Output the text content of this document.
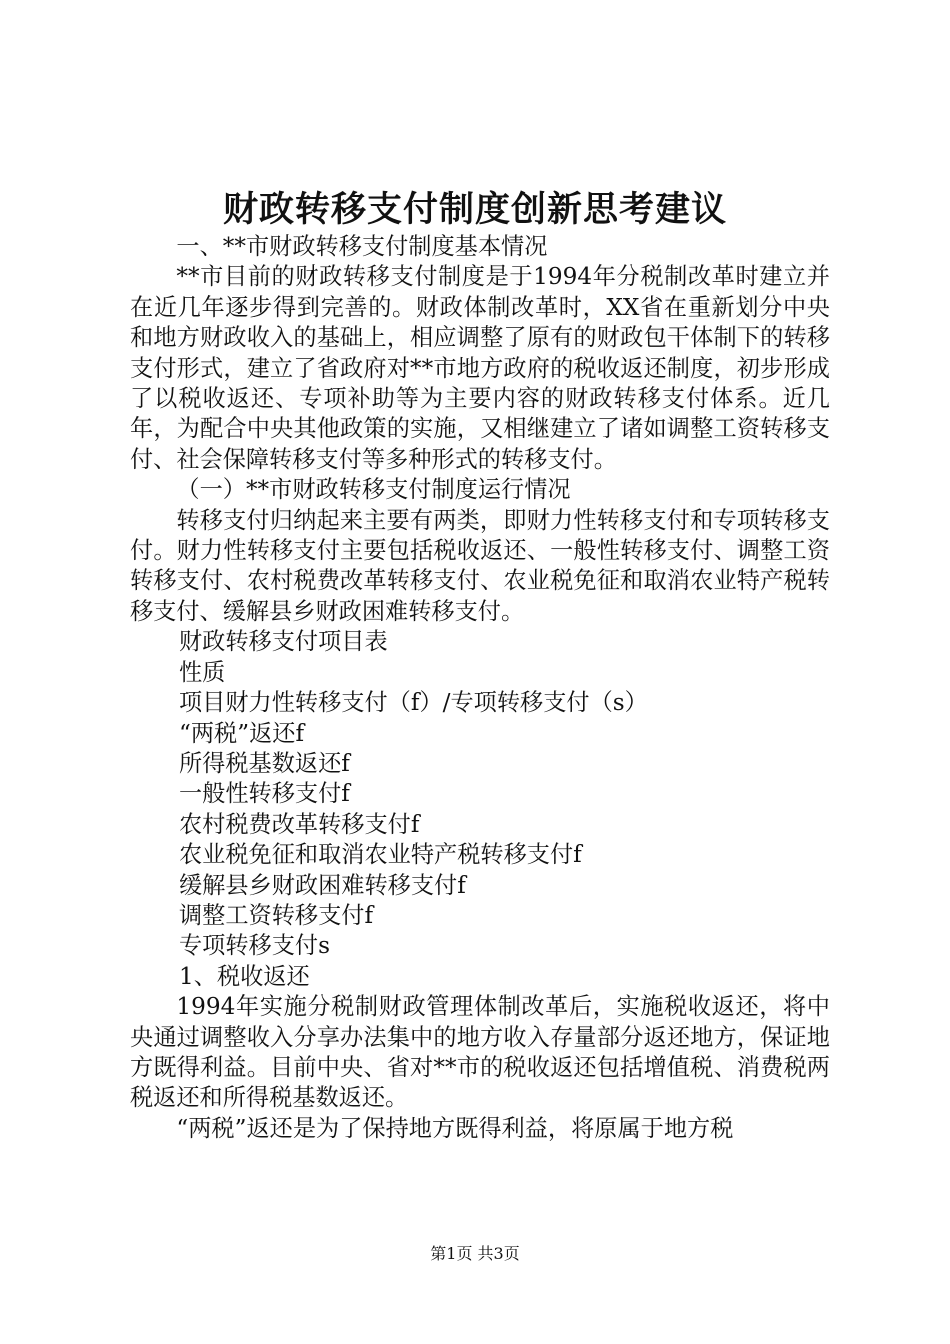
财政转移支付制度创新思考建议

一、**市财政转移支付制度基本情况

**市目前的财政转移支付制度是于1994年分税制改革时建立并在近几年逐步得到完善的。财政体制改革时，XX省在重新划分中央和地方财政收入的基础上，相应调整了原有的财政包干体制下的转移支付形式，建立了省政府对**市地方政府的税收返还制度，初步形成了以税收返还、专项补助等为主要内容的财政转移支付体系。近几年，为配合中央其他政策的实施，又相继建立了诸如调整工资转移支付、社会保障转移支付等多种形式的转移支付。

（一）**市财政转移支付制度运行情况

转移支付归纳起来主要有两类，即财力性转移支付和专项转移支付。财力性转移支付主要包括税收返还、一般性转移支付、调整工资转移支付、农村税费改革转移支付、农业税免征和取消农业特产税转移支付、缓解县乡财政困难转移支付。

财政转移支付项目表

性质

项目财力性转移支付（f）/专项转移支付（s）

“两税”返还f

所得税基数返还f

一般性转移支付f

农村税费改革转移支付f

农业税免征和取消农业特产税转移支付f

缓解县乡财政困难转移支付f

调整工资转移支付f

专项转移支付s

1、税收返还

1994年实施分税制财政管理体制改革后，实施税收返还，将中央通过调整收入分享办法集中的地方收入存量部分返还地方，保证地方既得利益。目前中央、省对**市的税收返还包括增值税、消费税两税返还和所得税基数返还。

“两税”返还是为了保持地方既得利益，将原属于地方税

第1页 共3页
